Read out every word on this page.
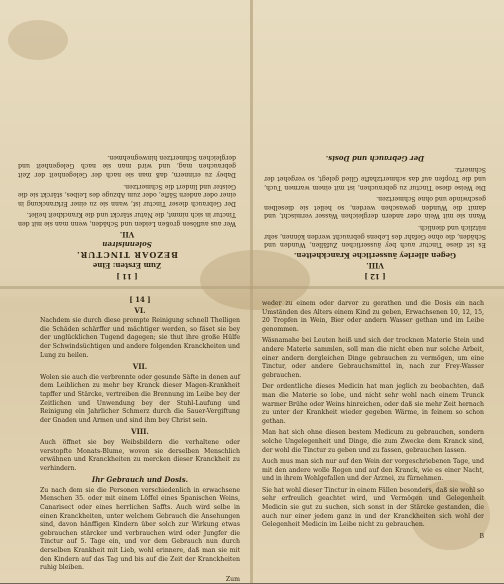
[ 11 ]
Zum Ersten: Eine
BEZOAR TINCTUR.
Solennisiren
VII.

Wer aus auflösen großen Leiden und Schäden, wenn man sie mit den Tinctur in sich nimmt, die Natur stärckt und die Kranckheit heilet.

Der Gebrauch dieser Tinctur ist, wann sie zu einer Erkranckung in einer oder andern Säfte, oder zum Abzuge des Leibes, stärckt sie die Geister und lindert die Schmertzen.

Dabey zu erinnern, daß man sie nach der Gelegenheit der Zeit gebrauchen mag, und wird man sie nach Gelegenheit und dergleichen Schmertzen hinwegnehmen.

[ 12 ]
VIII.
Gegen allerley äusserliche Kranckheiten.

Es ist diese Tinctur auch bey äusserlichen Zufällen, Wunden und Schäden, die ohne Gefahr des Lebens gebraucht werden können, sehr nützlich und dienlich.

Wann sie mit Wein oder andern dergleichen Wasser vermischt, und damit die Wunden gewaschen werden, so heilet sie dieselben geschwinde und ohne Schmertzen.

Die Weise diese Tinctur zu gebrauchen, ist mit einem warmen Tuch, und die Tropfen auf das schmertzhafte Glied gelegt, so vergehet der Schmertz.

Der Gebrauch und Dosis.
[ 14 ]
VI.

Nachdem sie durch diese prompte Reinigung schnell Thelligen die Schäden schärffer und mächtiger werden, so fäset sie bey der unglücklichen Tugend dagegen; sie thut ihre große Hülfe der Schwindsüchtigen und andere folgenden Kranckheiten und Lung zu heilen.

VII.

Wolen sie auch die verbrennte oder gesunde Säfte in denen auf dem Leiblichen zu mehr bey Kranck dieser Magen-Krankheit tapffer und Stärcke, vertreiben die Brennung im Leibe bey der Zeitlichen und Unwendung bey der Stuhl-Laufung und Reinigung ein Jahrlicher Schmerz durch die Sauer-Vergiftung der Gnaden und Armen und sind ihm bey Christ sein.

VIII.

Auch öffnet sie bey Weibsbildern die verhaltene oder verstopfte Monats-Blume, wovon sie derselben Menschlich erwähnen und Kranckheiten zu mercken dieser Kranckheit zu verhindern.

Ihr Gebrauch und Dosis.

Zu nach dem sie die Personen verschiedenlich in erwachsene Menschen 35. oder mit einem Löffel eines Spanischen Weins, Canarisect oder eines herrlichen Saffts. Auch wird selbe in einen Kranckheiten, unter welchem Gebrauch die Ansehungen sind, davon hänffigen Kindern über solch zur Wirkung etwas gebrauchen stärcker und verbrauchen wird oder Jungfer die Tinctur auf 5. Tage ein, und vor dem Gebrauch nun durch derselben Krankheit mit Lieb, wohl erinnere, daß man sie mit den Kindern auf das Tag und bis auf die Zeit der Kranckheiten ruhig bleiben.

Zum

weder zu einem oder darvor zu gerathen und die Dosis ein nach Umständen des Alters einem Kind zu geben, Erwachsenen 10, 12, 15, 20 Tropfen in Wein, Bier oder andern Wasser gethan und im Leibe genommen.

Wäsnamahe bei Leuten heiß und sich der trocknen Materie Stein und andere Materie sammlen, soll man die nicht eben nur solche Arbeit, einer andern dergleichen Dinge gebrauchen zu vermögen, um eine Tinctur, oder andere Gebrauchsmittel in, nach zur Frey-Wasser gebrauchen.

Der ordentliche dieses Medicin hat man jeglich zu beobachten, daß man die Materie so lobe, und nicht sehr wohl nach einem Trunck warmer Brühe oder Weins hinreichen, oder daß sie mehr Zeit hernach zu unter der Krankheit wieder gegeben Wärme, in feinem so schon gethan.

Man hat sich ohne diesen bestem Medicum zu gebrauchen, sondern solche Ungelegenheit und Dinge, die zum Zwecke dem Kranck sind, der wohl die Tinctur zu geben und zu fassen, gebrauchen lassen.

Auch mus man sich nur auf den Wein der vorgeschriebenen Tage, und mit den andere wolle Regen und auf den Kranck, wie es einer Nacht, und in ihrem Wohlgefallen und der Arznei, zu fürnehmen.

Sie hat wohl dieser Tinctur in einem Fällen besonders, daß sie wohl so sehr erfreulich geachtet wird, und Vermögen und Gelegenheit Medicin sie gut zu suchen, sich sonst in der Stärcke gestanden, die auch nur einer jedem ganz in und der Kranckheiten sich wohl der Gelegenheit Medicin im Leibe nicht zu gebrauchen.

B
